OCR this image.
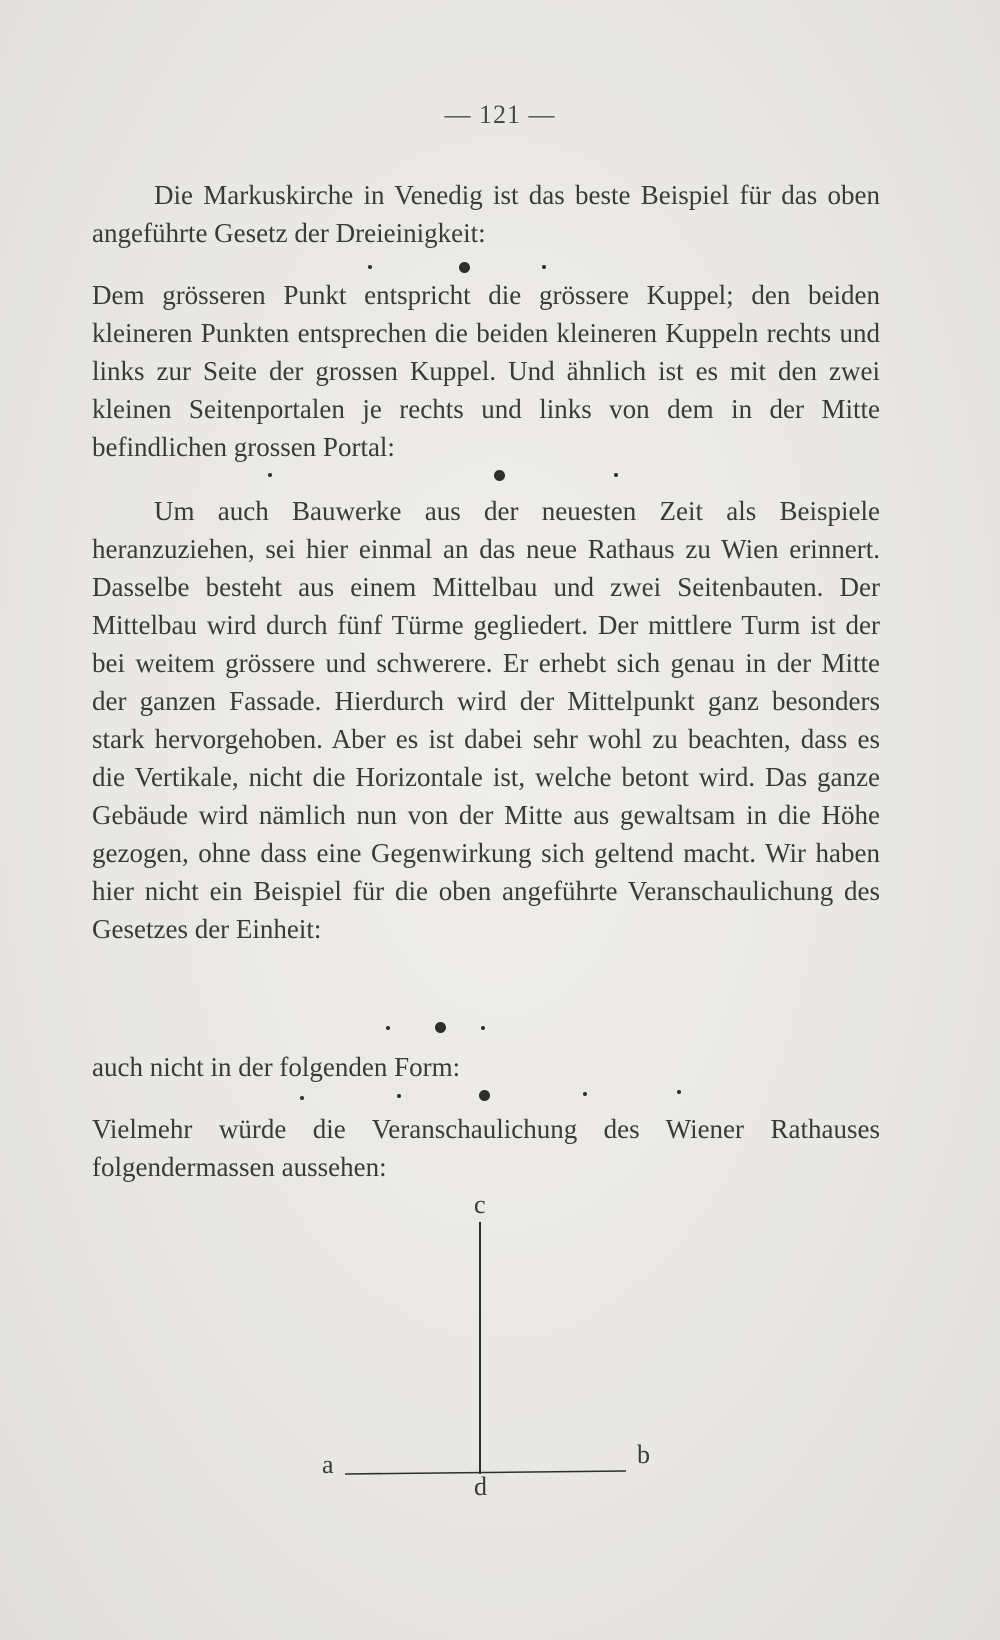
— 121 —

Die Markuskirche in Venedig ist das beste Beispiel für das oben angeführte Gesetz der Dreieinigkeit:

Dem grösseren Punkt entspricht die grössere Kuppel; den beiden kleineren Punkten entsprechen die beiden kleineren Kuppeln rechts und links zur Seite der grossen Kuppel. Und ähnlich ist es mit den zwei kleinen Seitenportalen je rechts und links von dem in der Mitte befindlichen grossen Portal:

Um auch Bauwerke aus der neuesten Zeit als Beispiele heranzuziehen, sei hier einmal an das neue Rathaus zu Wien erinnert. Dasselbe besteht aus einem Mittelbau und zwei Seitenbauten. Der Mittelbau wird durch fünf Türme gegliedert. Der mittlere Turm ist der bei weitem grössere und schwerere. Er erhebt sich genau in der Mitte der ganzen Fassade. Hierdurch wird der Mittelpunkt ganz besonders stark hervorgehoben. Aber es ist dabei sehr wohl zu beachten, dass es die Vertikale, nicht die Horizontale ist, welche betont wird. Das ganze Gebäude wird nämlich nun von der Mitte aus gewaltsam in die Höhe gezogen, ohne dass eine Gegenwirkung sich geltend macht. Wir haben hier nicht ein Beispiel für die oben angeführte Veranschaulichung des Gesetzes der Einheit:

auch nicht in der folgenden Form:

Vielmehr würde die Veranschaulichung des Wiener Rathauses folgendermassen aussehen:

c
a	b
d
